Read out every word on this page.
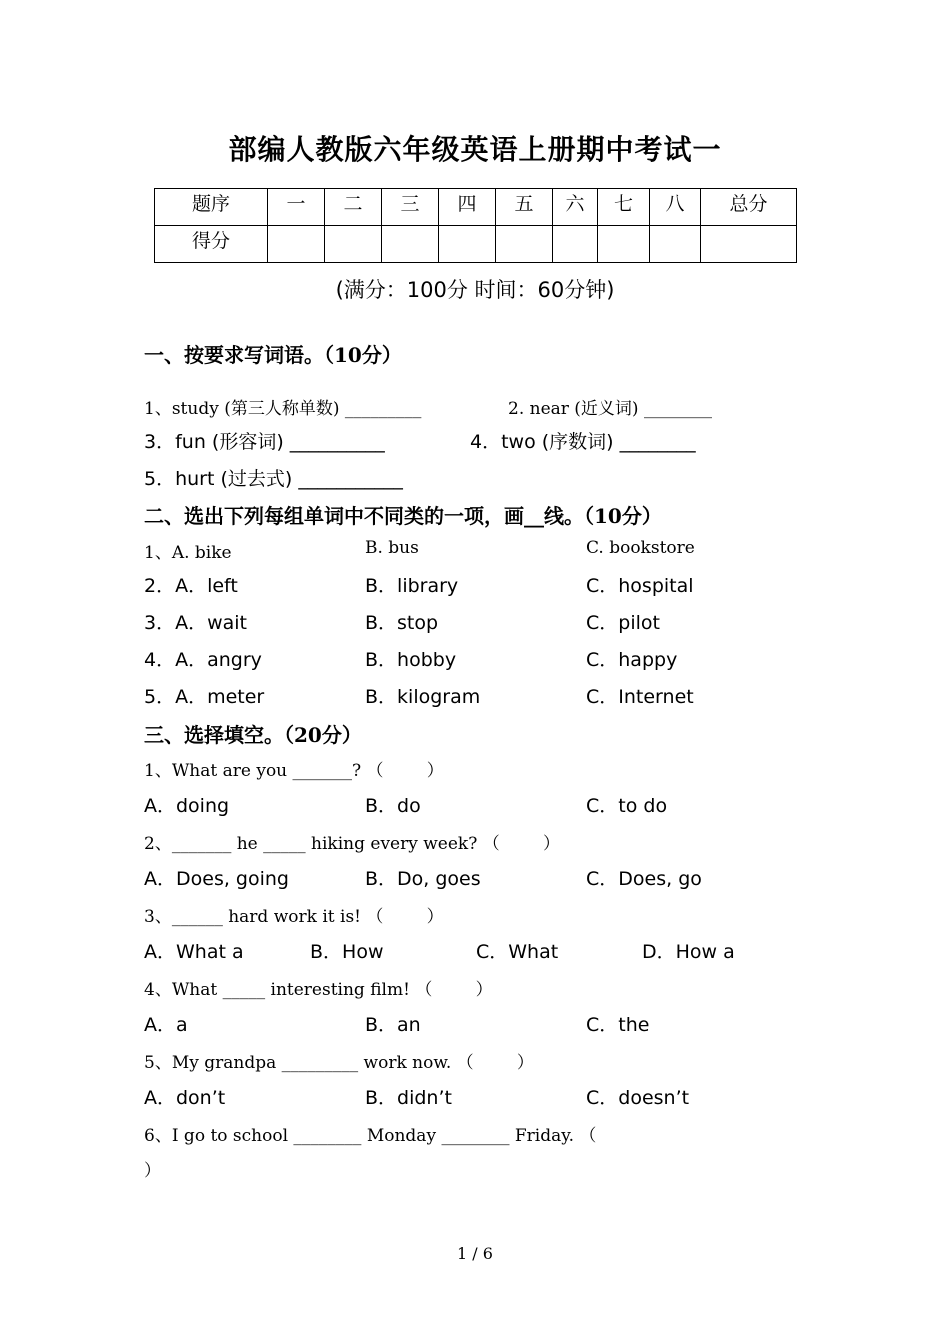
部编人教版六年级英语上册期中考试一
题序	一	二	三	四	五	六	七	八	总分
得分									
(满分：100分 时间：60分钟)
一、按要求写词语。（10分）
1、study (第三人称单数) _________	2. near (近义词) ________
3．fun (形容词) __________	4．two (序数词) ________
5．hurt (过去式) ___________
二、选出下列每组单词中不同类的一项，画__线。（10分）
1、A. bike	B. bus	C. bookstore
2．A．left	B．library	C．hospital
3．A．wait	B．stop	C．pilot
4．A．angry	B．hobby	C．happy
5．A．meter	B．kilogram	C．Internet
三、选择填空。（20分）
1、What are you _______? （        ）
A．doing	B．do	C．to do
2、_______ he _____ hiking every week? （        ）
A．Does, going	B．Do, goes	C．Does, go
3、______ hard work it is! （        ）
A．What a	B．How	C．What	D．How a
4、What _____ interesting film! （        ）
A．a	B．an	C．the
5、My grandpa _________ work now. （        ）
A．don’t	B．didn’t	C．doesn’t
6、I go to school ________ Monday ________ Friday. （
）
1 / 6
